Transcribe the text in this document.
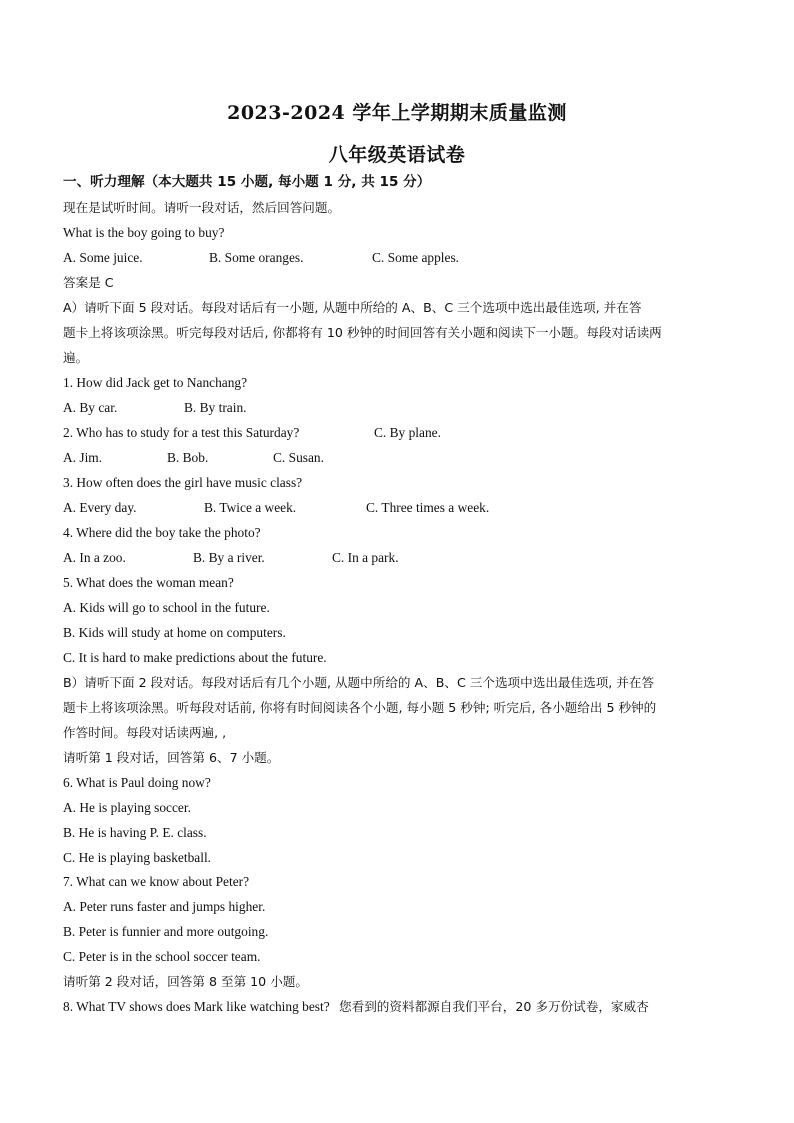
2023-2024 学年上学期期末质量监测
八年级英语试卷
一、听力理解（本大题共 15 小题, 每小题 1 分, 共 15 分）
现在是试听时间。请听一段对话，然后回答问题。
What is the boy going to buy?
A. Some juice.	B. Some oranges.	C. Some apples.
答案是 C
A）请听下面 5 段对话。每段对话后有一小题, 从题中所给的 A、B、C 三个选项中选出最佳选项, 并在答
题卡上将该项涂黑。听完每段对话后, 你都将有 10 秒钟的时间回答有关小题和阅读下一小题。每段对话读两
遍。
1. How did Jack get to Nanchang?
A. By car.	B. By train.
2. Who has to study for a test this Saturday?	C. By plane.
A. Jim.	B. Bob.	C. Susan.
3. How often does the girl have music class?
A. Every day.	B. Twice a week.	C. Three times a week.
4. Where did the boy take the photo?
A. In a zoo.	B. By a river.	C. In a park.
5. What does the woman mean?
A. Kids will go to school in the future.
B. Kids will study at home on computers.
C. It is hard to make predictions about the future.
B）请听下面 2 段对话。每段对话后有几个小题, 从题中所给的 A、B、C 三个选项中选出最佳选项, 并在答
题卡上将该项涂黑。听每段对话前, 你将有时间阅读各个小题, 每小题 5 秒钟; 听完后, 各小题给出 5 秒钟的
作答时间。每段对话读两遍, ,
请听第 1 段对话，回答第 6、7 小题。
6. What is Paul doing now?
A. He is playing soccer.
B. He is having P. E. class.
C. He is playing basketball.
7. What can we know about Peter?
A. Peter runs faster and jumps higher.
B. Peter is funnier and more outgoing.
C. Peter is in the school soccer team.
请听第 2 段对话，回答第 8 至第 10 小题。
8. What TV shows does Mark like watching best? 您看到的资料都源自我们平台，20 多万份试卷，家威杏
